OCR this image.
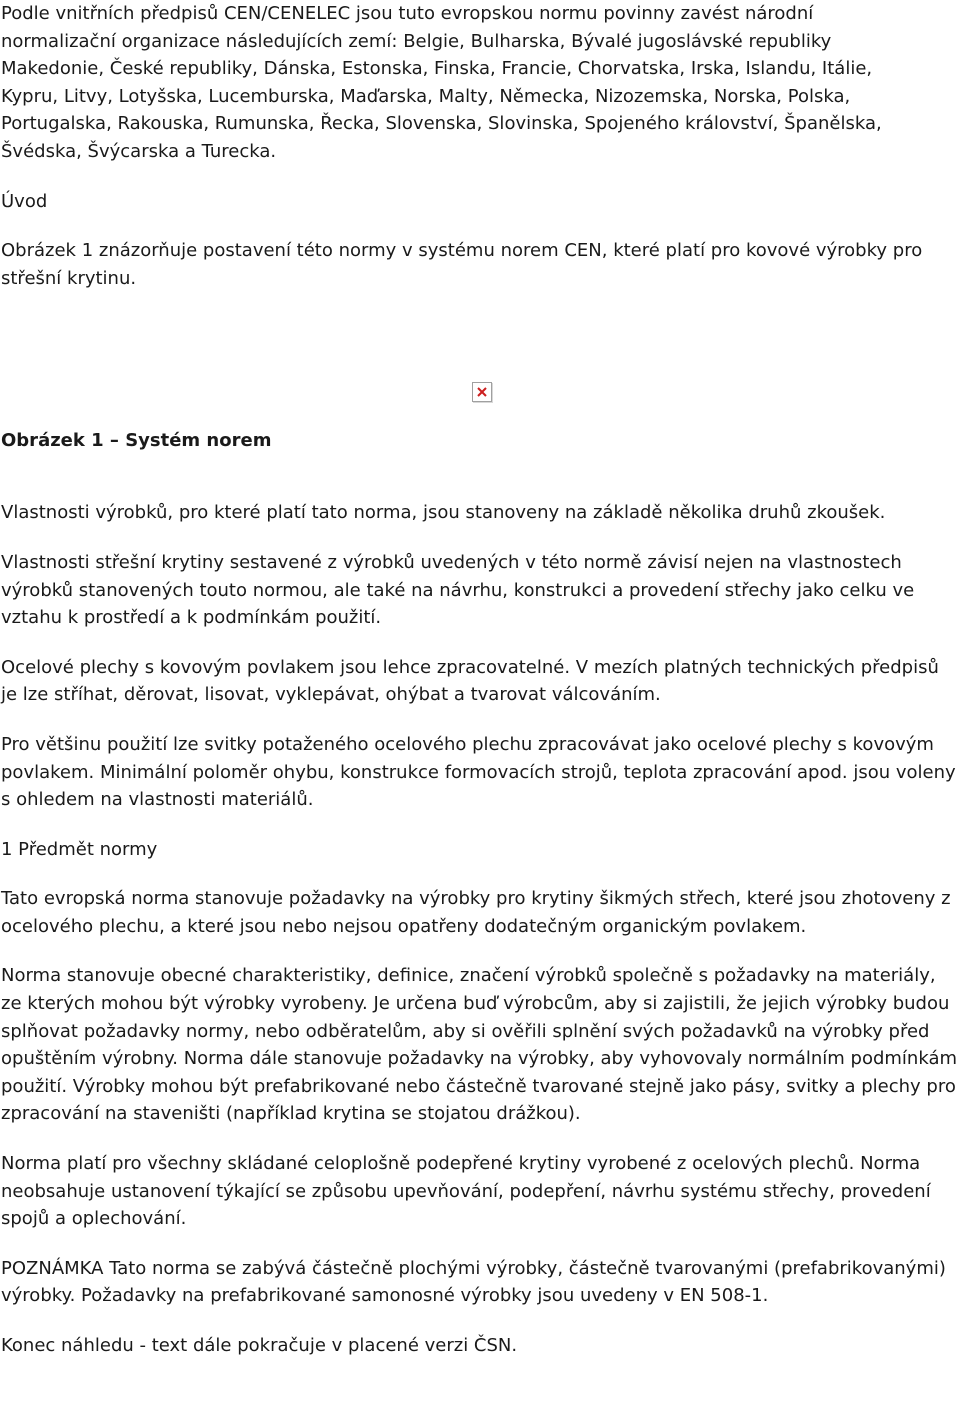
Podle vnitřních předpisů CEN/CENELEC jsou tuto evropskou normu povinny zavést národní normalizační organizace následujících zemí: Belgie, Bulharska, Bývalé jugoslávské republiky Makedonie, České republiky, Dánska, Estonska, Finska, Francie, Chorvatska, Irska, Islandu, Itálie, Kypru, Litvy, Lotyšska, Lucemburska, Maďarska, Malty, Německa, Nizozemska, Norska, Polska, Portugalska, Rakouska, Rumunska, Řecka, Slovenska, Slovinska, Spojeného království, Španělska, Švédska, Švýcarska a Turecka.

Úvod

Obrázek 1 znázorňuje postavení této normy v systému norem CEN, které platí pro kovové výrobky pro střešní krytinu.

Obrázek 1 – Systém norem

Vlastnosti výrobků, pro které platí tato norma, jsou stanoveny na základě několika druhů zkoušek.

Vlastnosti střešní krytiny sestavené z výrobků uvedených v této normě závisí nejen na vlastnostech výrobků stanovených touto normou, ale také na návrhu, konstrukci a provedení střechy jako celku ve vztahu k prostředí a k podmínkám použití.

Ocelové plechy s kovovým povlakem jsou lehce zpracovatelné. V mezích platných technických předpisů je lze stříhat, děrovat, lisovat, vyklepávat, ohýbat a tvarovat válcováním.

Pro většinu použití lze svitky potaženého ocelového plechu zpracovávat jako ocelové plechy s kovovým povlakem. Minimální poloměr ohybu, konstrukce formovacích strojů, teplota zpracování apod. jsou voleny s ohledem na vlastnosti materiálů.

1 Předmět normy

Tato evropská norma stanovuje požadavky na výrobky pro krytiny šikmých střech, které jsou zhotoveny z ocelového plechu, a které jsou nebo nejsou opatřeny dodatečným organickým povlakem.

Norma stanovuje obecné charakteristiky, definice, značení výrobků společně s požadavky na materiály, ze kterých mohou být výrobky vyrobeny. Je určena buď výrobcům, aby si zajistili, že jejich výrobky budou splňovat požadavky normy, nebo odběratelům, aby si ověřili splnění svých požadavků na výrobky před opuštěním výrobny. Norma dále stanovuje požadavky na výrobky, aby vyhovovaly normálním podmínkám použití. Výrobky mohou být prefabrikované nebo částečně tvarované stejně jako pásy, svitky a plechy pro zpracování na staveništi (například krytina se stojatou drážkou).

Norma platí pro všechny skládané celoplošně podepřené krytiny vyrobené z ocelových plechů. Norma neobsahuje ustanovení týkající se způsobu upevňování, podepření, návrhu systému střechy, provedení spojů a oplechování.

POZNÁMKA Tato norma se zabývá částečně plochými výrobky, částečně tvarovanými (prefabrikovanými) výrobky. Požadavky na prefabrikované samonosné výrobky jsou uvedeny v EN 508-1.

Konec náhledu - text dále pokračuje v placené verzi ČSN.
